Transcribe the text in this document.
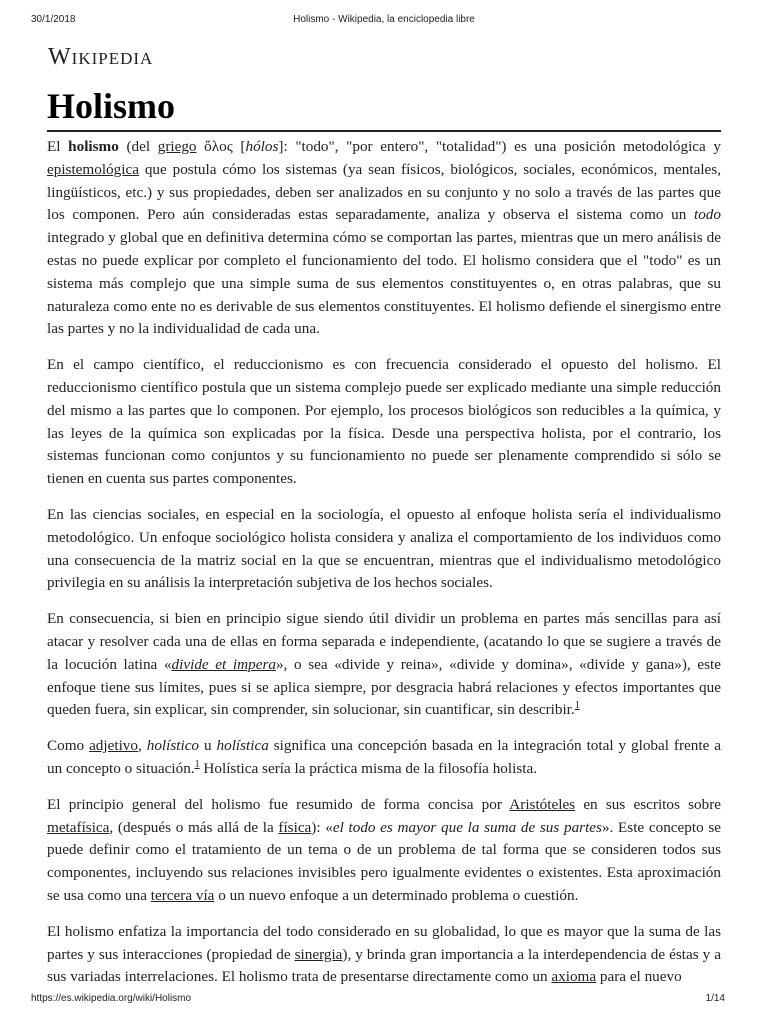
30/1/2018	Holismo - Wikipedia, la enciclopedia libre
Wikipedia
Holismo

El holismo (del griego ὅλος [hólos]: "todo", "por entero", "totalidad") es una posición metodológica y epistemológica que postula cómo los sistemas (ya sean físicos, biológicos, sociales, económicos, mentales, lingüísticos, etc.) y sus propiedades, deben ser analizados en su conjunto y no solo a través de las partes que los componen. Pero aún consideradas estas separadamente, analiza y observa el sistema como un todo integrado y global que en definitiva determina cómo se comportan las partes, mientras que un mero análisis de estas no puede explicar por completo el funcionamiento del todo. El holismo considera que el "todo" es un sistema más complejo que una simple suma de sus elementos constituyentes o, en otras palabras, que su naturaleza como ente no es derivable de sus elementos constituyentes. El holismo defiende el sinergismo entre las partes y no la individualidad de cada una.

En el campo científico, el reduccionismo es con frecuencia considerado el opuesto del holismo. El reduccionismo científico postula que un sistema complejo puede ser explicado mediante una simple reducción del mismo a las partes que lo componen. Por ejemplo, los procesos biológicos son reducibles a la química, y las leyes de la química son explicadas por la física. Desde una perspectiva holista, por el contrario, los sistemas funcionan como conjuntos y su funcionamiento no puede ser plenamente comprendido si sólo se tienen en cuenta sus partes componentes.

En las ciencias sociales, en especial en la sociología, el opuesto al enfoque holista sería el individualismo metodológico. Un enfoque sociológico holista considera y analiza el comportamiento de los individuos como una consecuencia de la matriz social en la que se encuentran, mientras que el individualismo metodológico privilegia en su análisis la interpretación subjetiva de los hechos sociales.

En consecuencia, si bien en principio sigue siendo útil dividir un problema en partes más sencillas para así atacar y resolver cada una de ellas en forma separada e independiente, (acatando lo que se sugiere a través de la locución latina «divide et impera», o sea «divide y reina», «divide y domina», «divide y gana»), este enfoque tiene sus límites, pues si se aplica siempre, por desgracia habrá relaciones y efectos importantes que queden fuera, sin explicar, sin comprender, sin solucionar, sin cuantificar, sin describir.$^1$

Como adjetivo, holístico u holística significa una concepción basada en la integración total y global frente a un concepto o situación.$^1$ Holística sería la práctica misma de la filosofía holista.

El principio general del holismo fue resumido de forma concisa por Aristóteles en sus escritos sobre metafísica, (después o más allá de la física): «el todo es mayor que la suma de sus partes». Este concepto se puede definir como el tratamiento de un tema o de un problema de tal forma que se consideren todos sus componentes, incluyendo sus relaciones invisibles pero igualmente evidentes o existentes. Esta aproximación se usa como una tercera vía o un nuevo enfoque a un determinado problema o cuestión.

El holismo enfatiza la importancia del todo considerado en su globalidad, lo que es mayor que la suma de las partes y sus interacciones (propiedad de sinergia), y brinda gran importancia a la interdependencia de éstas y a sus variadas interrelaciones. El holismo trata de presentarse directamente como un axioma para el nuevo

https://es.wikipedia.org/wiki/Holismo	1/14
